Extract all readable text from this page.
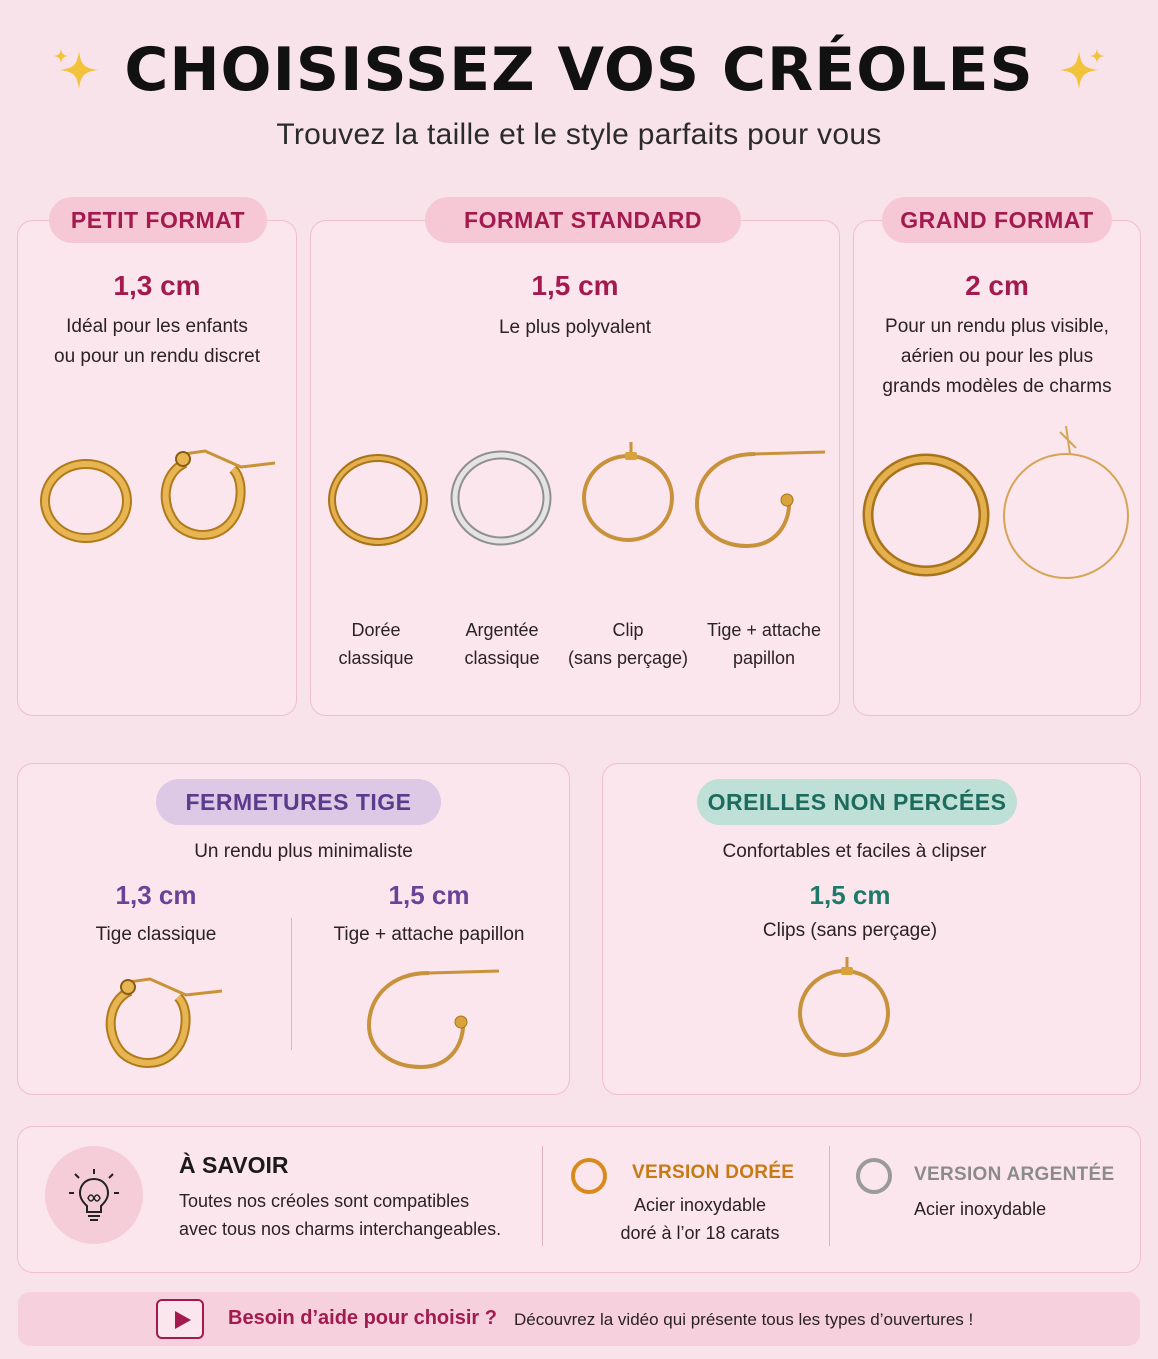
CHOISISSEZ VOS CRÉOLES
Trouvez la taille et le style parfaits pour vous
PETIT FORMAT
1,3 cm
Idéal pour les enfants
ou pour un rendu discret
FORMAT STANDARD
1,5 cm
Le plus polyvalent
Dorée
classique
Argentée
classique
Clip
(sans perçage)
Tige + attache
papillon
GRAND FORMAT
2 cm
Pour un rendu plus visible,
aérien ou pour les plus
grands modèles de charms
FERMETURES TIGE
Un rendu plus minimaliste
1,3 cm
Tige classique
1,5 cm
Tige + attache papillon
OREILLES NON PERCÉES
Confortables et faciles à clipser
1,5 cm
Clips (sans perçage)
À SAVOIR
Toutes nos créoles sont compatibles
avec tous nos charms interchangeables.
VERSION DORÉE
Acier inoxydable
doré à l’or 18 carats
VERSION ARGENTÉE
Acier inoxydable
Besoin d’aide pour choisir ? Découvrez la vidéo qui présente tous les types d’ouvertures !
